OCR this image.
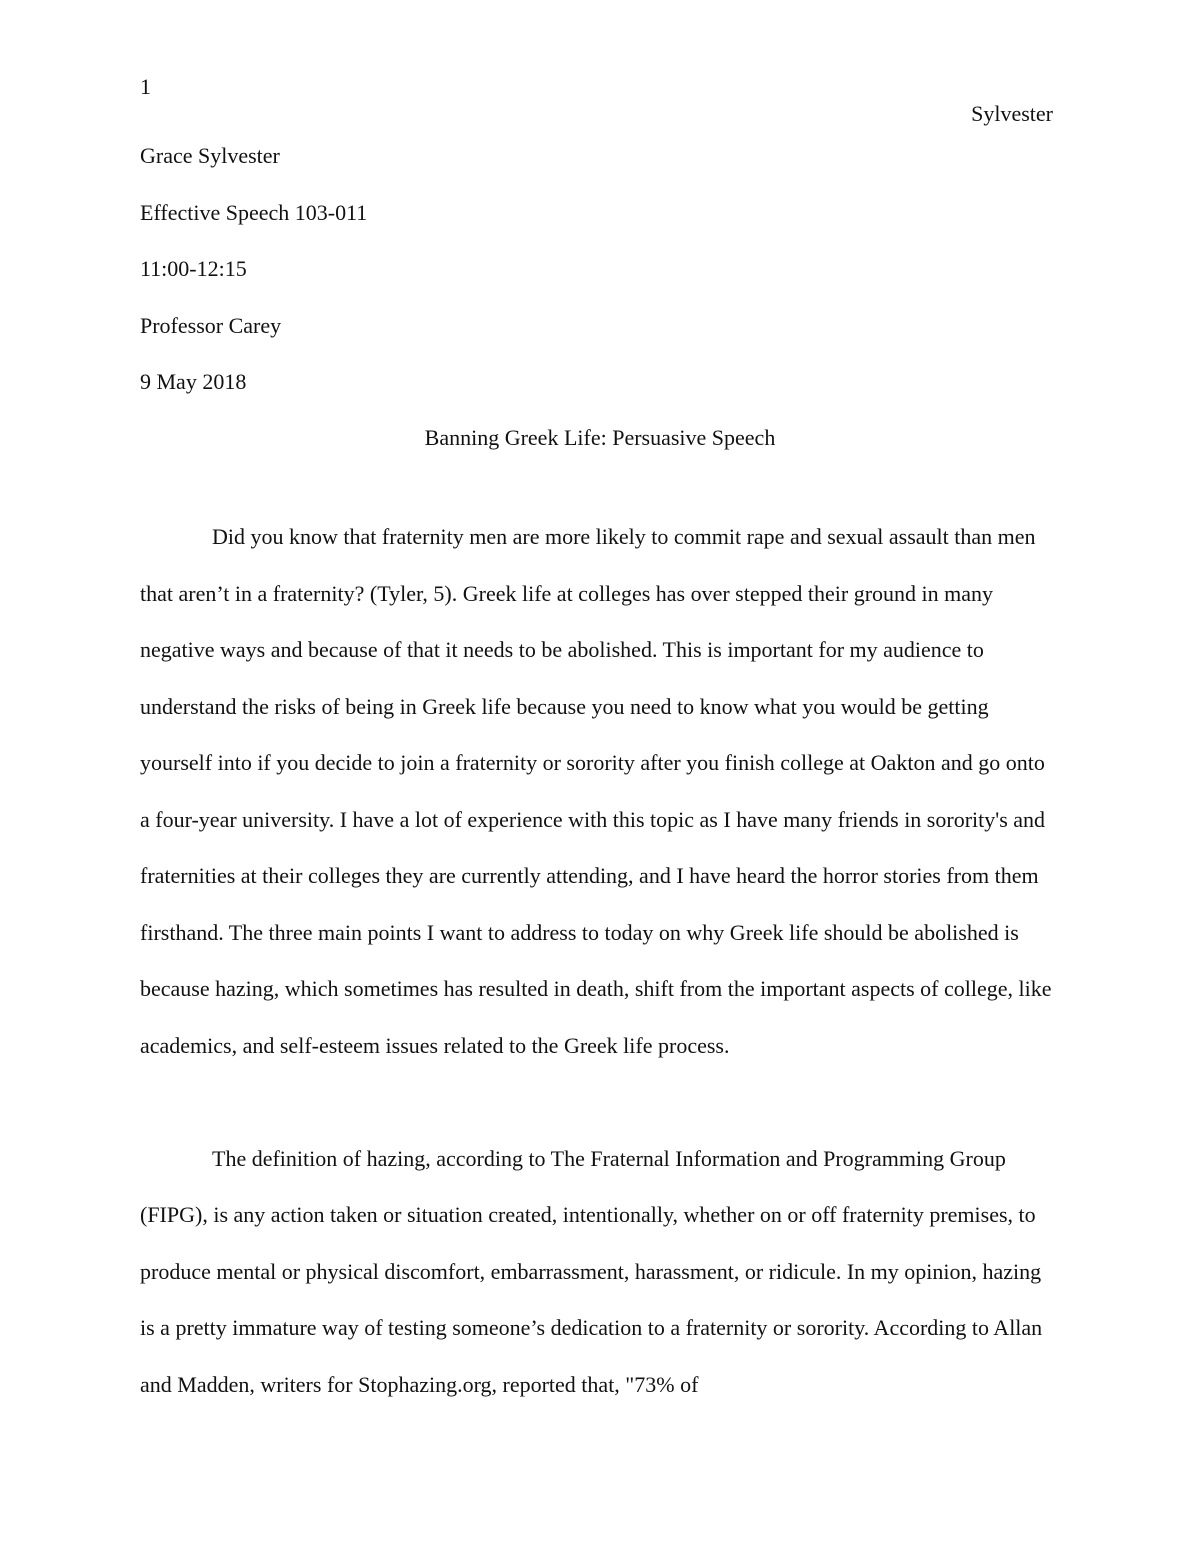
1
Sylvester
Grace Sylvester
Effective Speech 103-011
11:00-12:15
Professor Carey
9 May 2018
Banning Greek Life: Persuasive Speech

Did you know that fraternity men are more likely to commit rape and sexual assault than men that aren’t in a fraternity? (Tyler, 5). Greek life at colleges has over stepped their ground in many negative ways and because of that it needs to be abolished. This is important for my audience to understand the risks of being in Greek life because you need to know what you would be getting yourself into if you decide to join a fraternity or sorority after you finish college at Oakton and go onto a four-year university. I have a lot of experience with this topic as I have many friends in sorority's and fraternities at their colleges they are currently attending, and I have heard the horror stories from them firsthand. The three main points I want to address to today on why Greek life should be abolished is because hazing, which sometimes has resulted in death, shift from the important aspects of college, like academics, and self-esteem issues related to the Greek life process.

The definition of hazing, according to The Fraternal Information and Programming Group (FIPG), is any action taken or situation created, intentionally, whether on or off fraternity premises, to produce mental or physical discomfort, embarrassment, harassment, or ridicule. In my opinion, hazing is a pretty immature way of testing someone’s dedication to a fraternity or sorority. According to Allan and Madden, writers for Stophazing.org, reported that, "73% of
